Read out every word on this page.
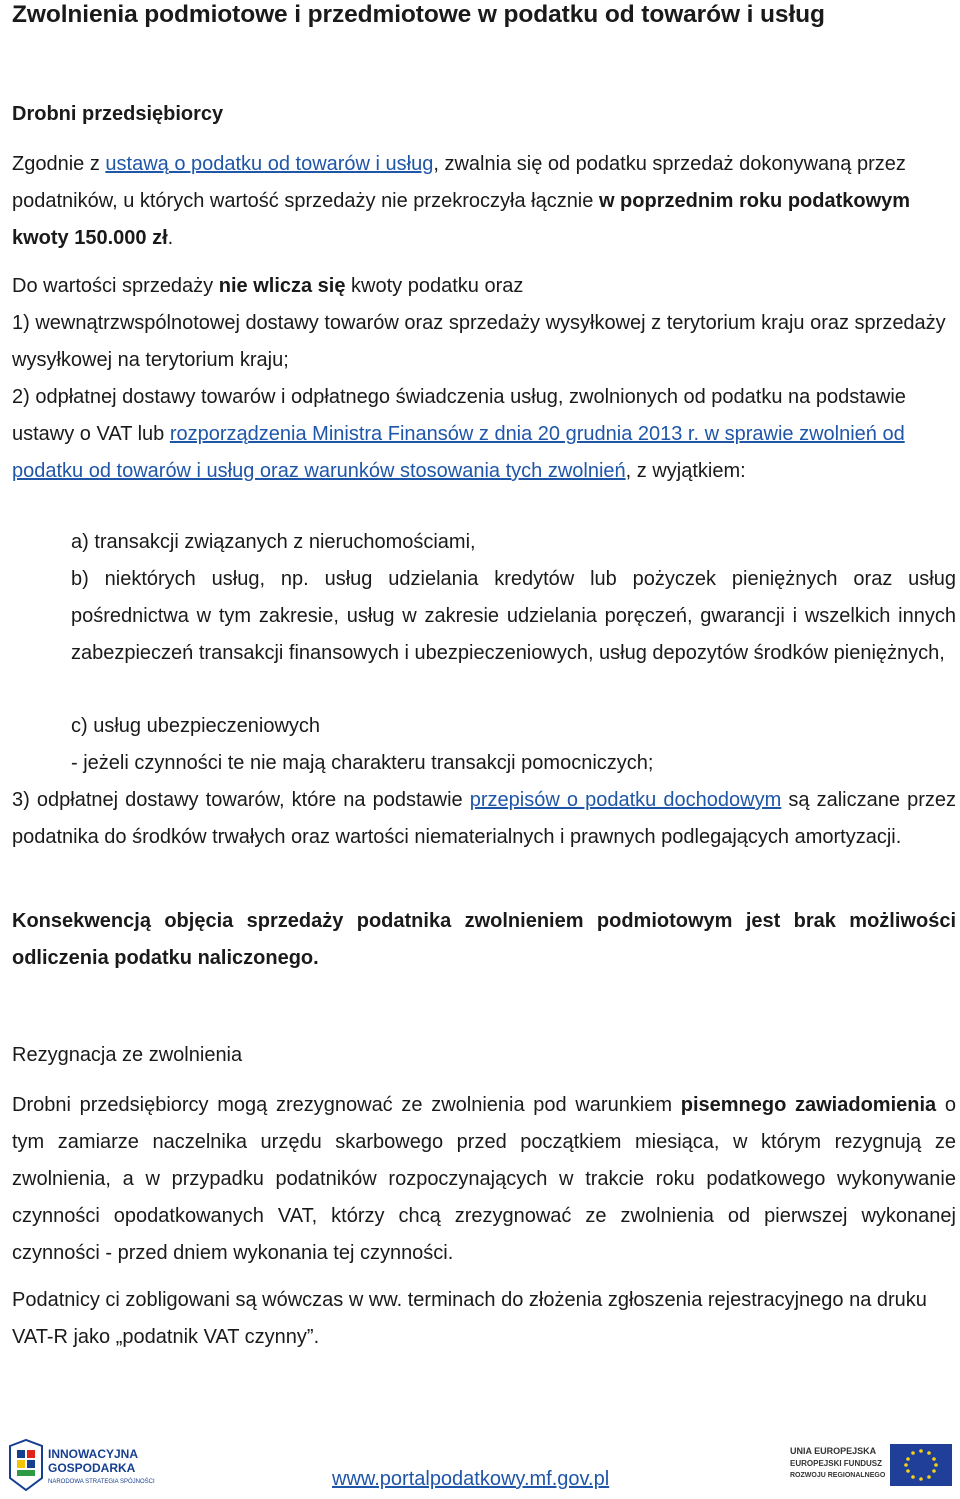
Zwolnienia podmiotowe i przedmiotowe w podatku od towarów i usług
Drobni przedsiębiorcy

Zgodnie z ustawą o podatku od towarów i usług, zwalnia się od podatku sprzedaż dokonywaną przez podatników, u których wartość sprzedaży nie przekroczyła łącznie w poprzednim roku podatkowym kwoty 150.000 zł.

Do wartości sprzedaży nie wlicza się kwoty podatku oraz

1) wewnątrzwspólnotowej dostawy towarów oraz sprzedaży wysyłkowej z terytorium kraju oraz sprzedaży wysyłkowej na terytorium kraju;

2) odpłatnej dostawy towarów i odpłatnego świadczenia usług, zwolnionych od podatku na podstawie ustawy o VAT lub rozporządzenia Ministra Finansów z dnia 20 grudnia 2013 r. w sprawie zwolnień od podatku od towarów i usług oraz warunków stosowania tych zwolnień, z wyjątkiem:

a) transakcji związanych z nieruchomościami,

b) niektórych usług, np. usług udzielania kredytów lub pożyczek pieniężnych oraz usług pośrednictwa w tym zakresie, usług w zakresie udzielania poręczeń, gwarancji i wszelkich innych zabezpieczeń transakcji finansowych i ubezpieczeniowych, usług depozytów środków pieniężnych,

c) usług ubezpieczeniowych

- jeżeli czynności te nie mają charakteru transakcji pomocniczych;

3) odpłatnej dostawy towarów, które na podstawie przepisów o podatku dochodowym są zaliczane przez podatnika do środków trwałych oraz wartości niematerialnych i prawnych podlegających amortyzacji.

Konsekwencją objęcia sprzedaży podatnika zwolnieniem podmiotowym jest brak możliwości odliczenia podatku naliczonego.

Rezygnacja ze zwolnienia

Drobni przedsiębiorcy mogą zrezygnować ze zwolnienia pod warunkiem pisemnego zawiadomienia o tym zamiarze naczelnika urzędu skarbowego przed początkiem miesiąca, w którym rezygnują ze zwolnienia, a w przypadku podatników rozpoczynających w trakcie roku podatkowego wykonywanie czynności opodatkowanych VAT, którzy chcą zrezygnować ze zwolnienia od pierwszej wykonanej czynności - przed dniem wykonania tej czynności.

Podatnicy ci zobligowani są wówczas w ww. terminach do złożenia zgłoszenia rejestracyjnego na druku VAT-R jako „podatnik VAT czynny”.

INNOWACYJNA
GOSPODARKA
NARODOWA STRATEGIA SPÓJNOŚCI	www.portalpodatkowy.mf.gov.pl
UNIA EUROPEJSKA
EUROPEJSKI FUNDUSZ
ROZWOJU REGIONALNEGO
